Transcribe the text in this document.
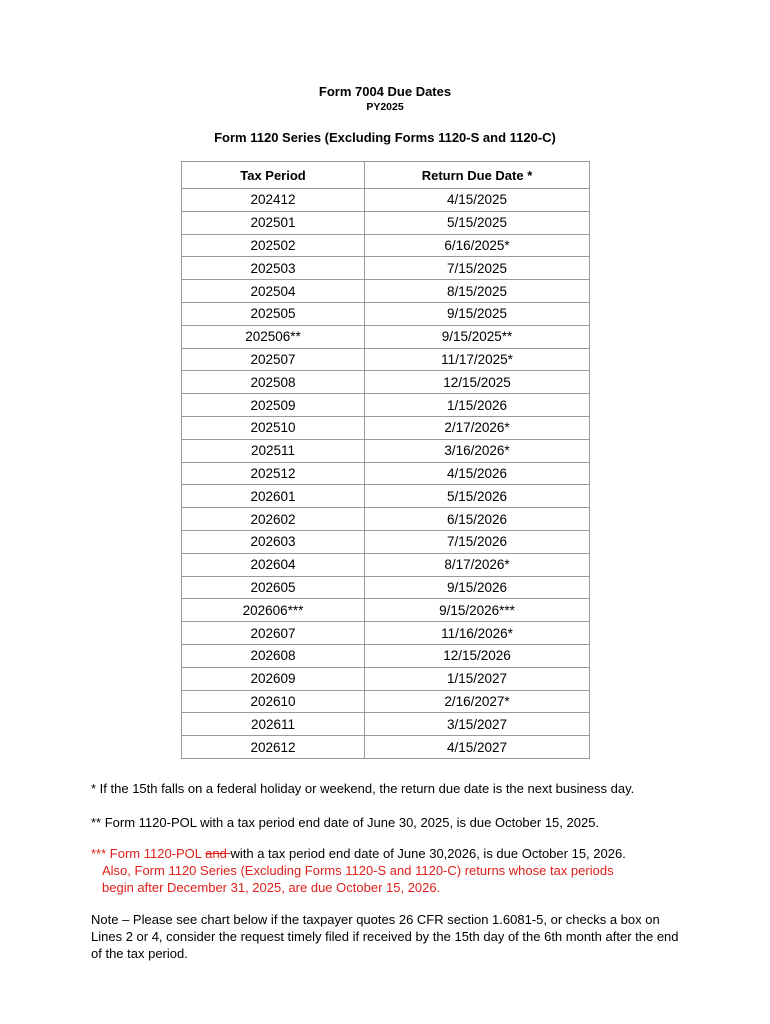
Form 7004 Due Dates
PY2025
Form 1120 Series (Excluding Forms 1120-S and 1120-C)
Tax Period	Return Due Date *
202412	4/15/2025
202501	5/15/2025
202502	6/16/2025*
202503	7/15/2025
202504	8/15/2025
202505	9/15/2025
202506**	9/15/2025**
202507	11/17/2025*
202508	12/15/2025
202509	1/15/2026
202510	2/17/2026*
202511	3/16/2026*
202512	4/15/2026
202601	5/15/2026
202602	6/15/2026
202603	7/15/2026
202604	8/17/2026*
202605	9/15/2026
202606***	9/15/2026***
202607	11/16/2026*
202608	12/15/2026
202609	1/15/2027
202610	2/16/2027*
202611	3/15/2027
202612	4/15/2027
* If the 15th falls on a federal holiday or weekend, the return due date is the next business day.
** Form 1120-POL with a tax period end date of June 30, 2025, is due October 15, 2025.
*** Form 1120-POL and with a tax period end date of June 30,2026, is due October 15, 2026.
Also, Form 1120 Series (Excluding Forms 1120-S and 1120-C) returns whose tax periods
begin after December 31, 2025, are due October 15, 2026.
Note – Please see chart below if the taxpayer quotes 26 CFR section 1.6081-5, or checks a box on Lines 2 or 4, consider the request timely filed if received by the 15th day of the 6th month after the end of the tax period.
